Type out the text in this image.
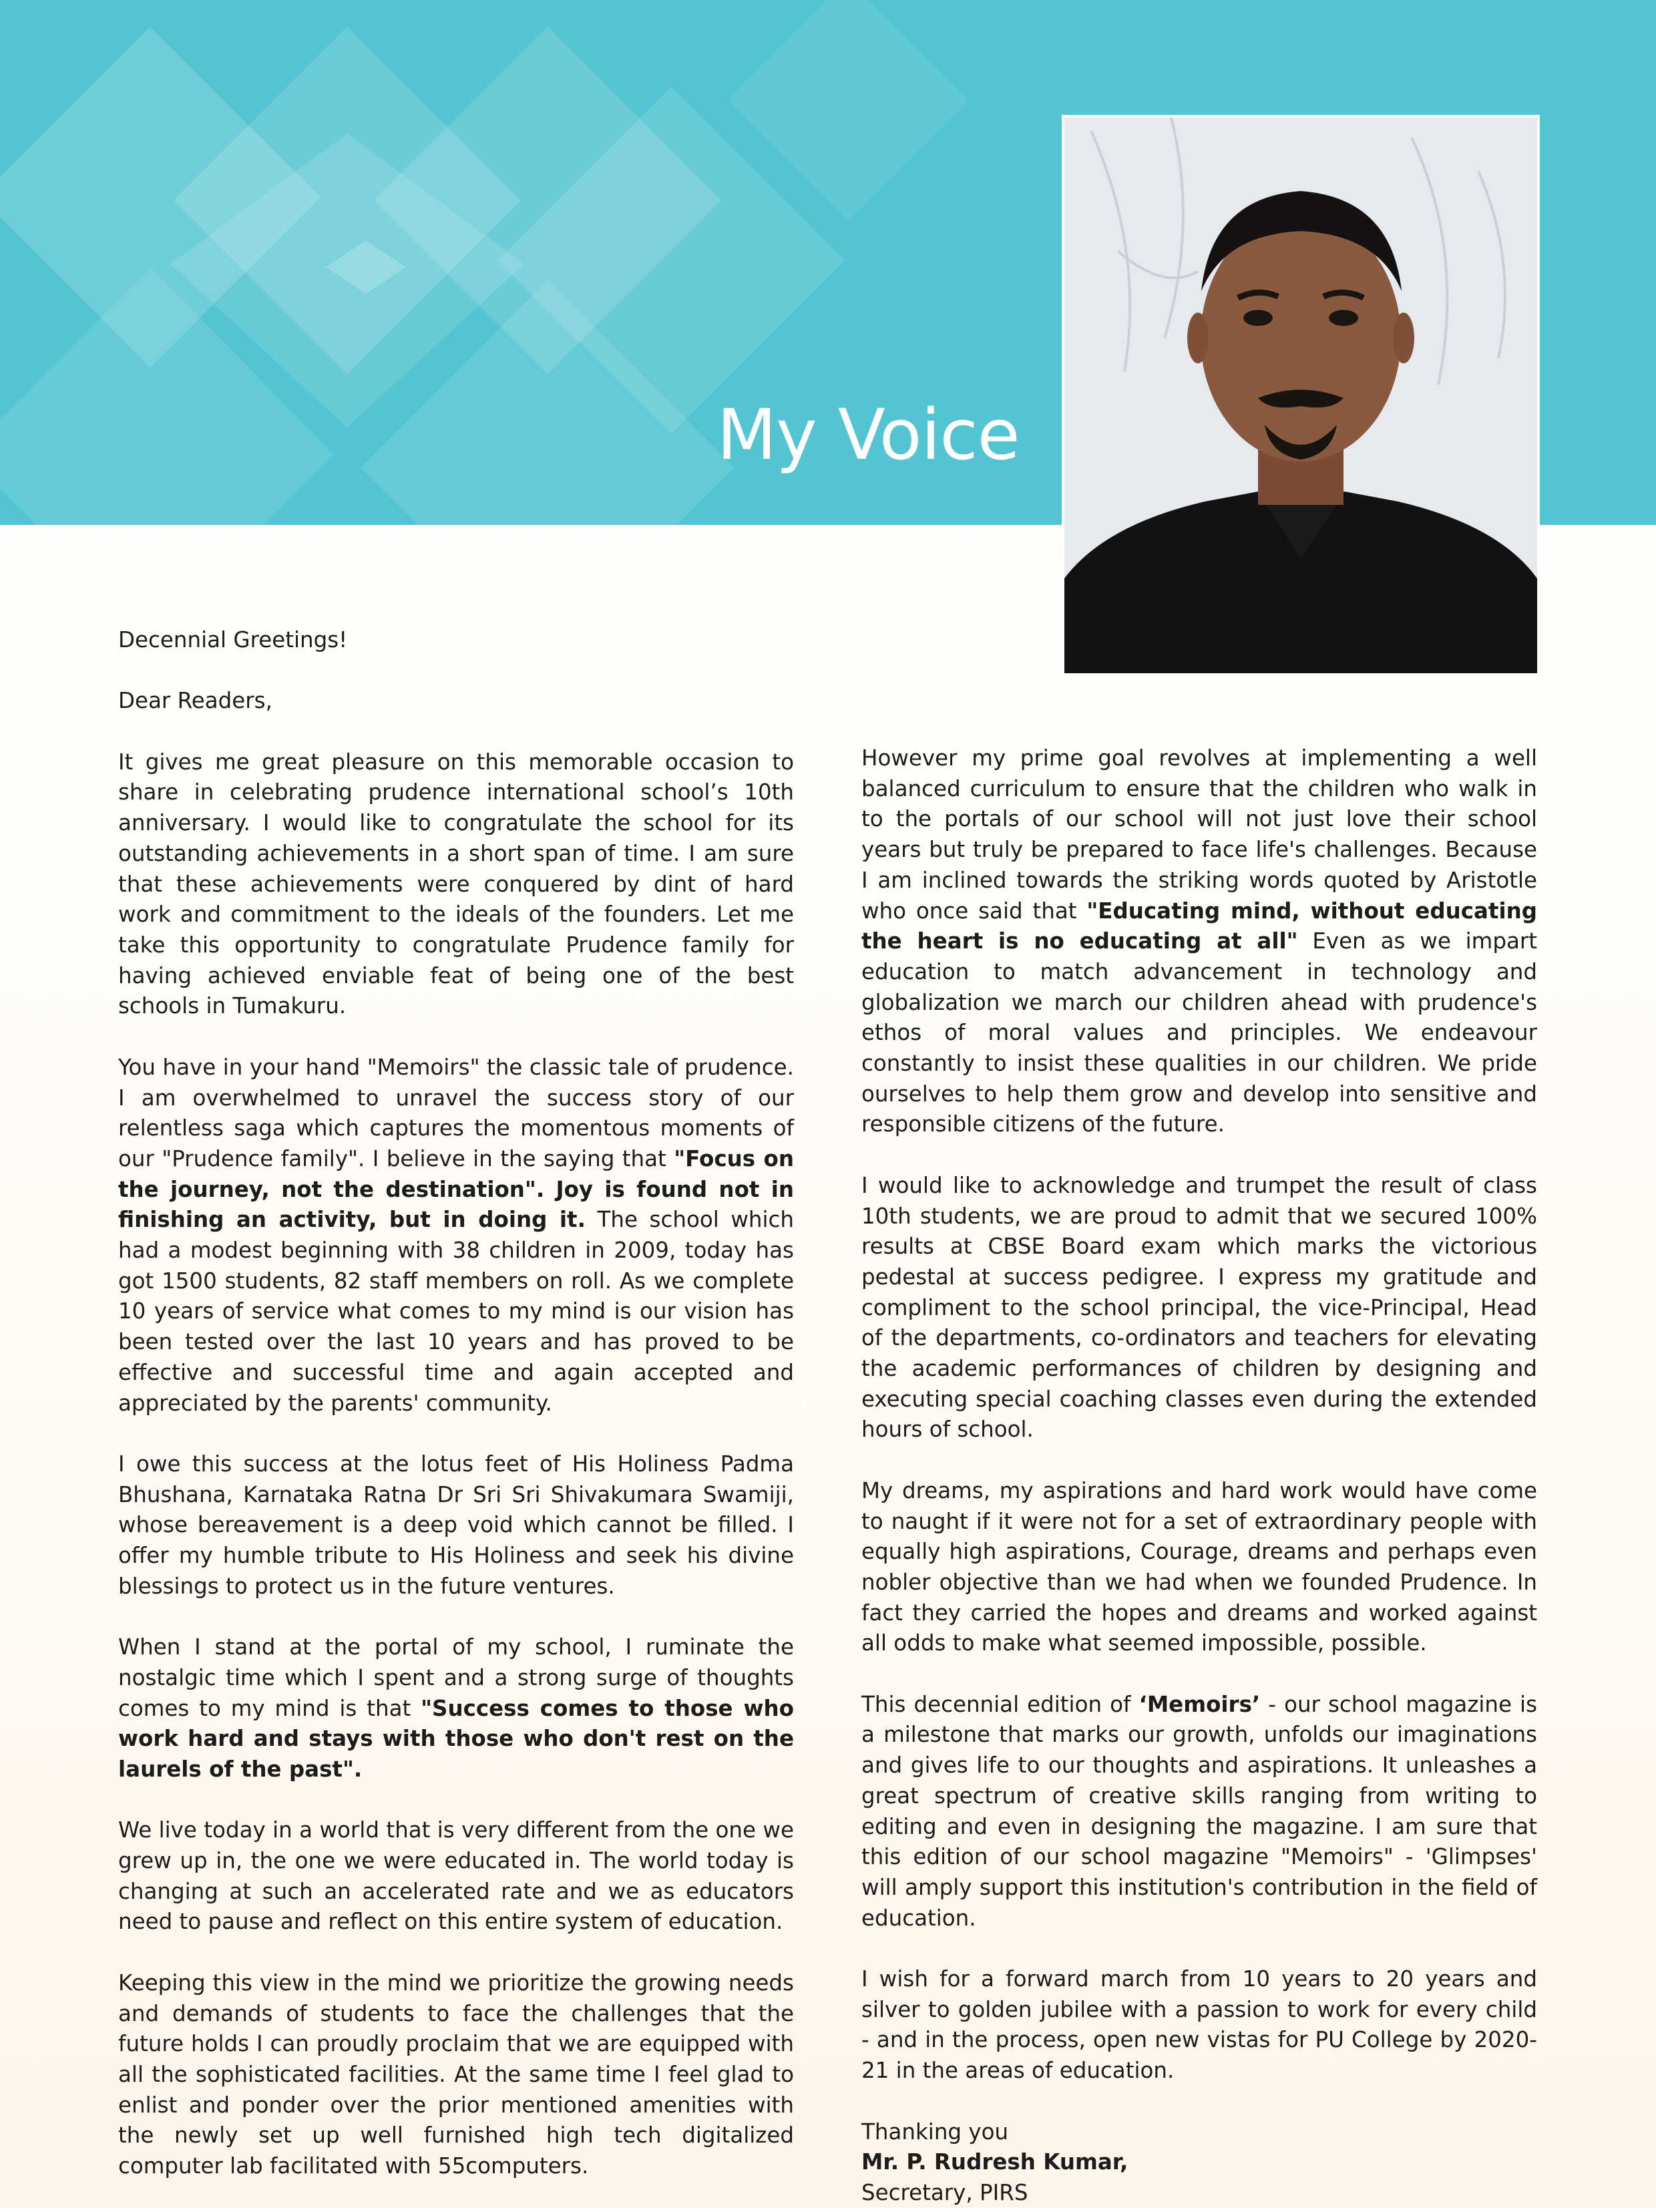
My Voice

Decennial Greetings!

Dear Readers,

It gives me great pleasure on this memorable occasion to share in celebrating prudence international school’s 10th anniversary. I would like to congratulate the school for its outstanding achievements in a short span of time. I am sure that these achievements were conquered by dint of hard work and commitment to the ideals of the founders. Let me take this opportunity to congratulate Prudence family for having achieved enviable feat of being one of the best schools in Tumakuru.

You have in your hand "Memoirs" the classic tale of prudence. I am overwhelmed to unravel the success story of our relentless saga which captures the momentous moments of our "Prudence family". I believe in the saying that "Focus on the journey, not the destination". Joy is found not in finishing an activity, but in doing it. The school which had a modest beginning with 38 children in 2009, today has got 1500 students, 82 staff members on roll. As we complete 10 years of service what comes to my mind is our vision has been tested over the last 10 years and has proved to be effective and successful time and again accepted and appreciated by the parents' community.

I owe this success at the lotus feet of His Holiness Padma Bhushana, Karnataka Ratna Dr Sri Sri Shivakumara Swamiji, whose bereavement is a deep void which cannot be filled. I offer my humble tribute to His Holiness and seek his divine blessings to protect us in the future ventures.

When I stand at the portal of my school, I ruminate the nostalgic time which I spent and a strong surge of thoughts comes to my mind is that "Success comes to those who work hard and stays with those who don't rest on the laurels of the past".

We live today in a world that is very different from the one we grew up in, the one we were educated in. The world today is changing at such an accelerated rate and we as educators need to pause and reflect on this entire system of education.

Keeping this view in the mind we prioritize the growing needs and demands of students to face the challenges that the future holds I can proudly proclaim that we are equipped with all the sophisticated facilities. At the same time I feel glad to enlist and ponder over the prior mentioned amenities with the newly set up well furnished high tech digitalized computer lab facilitated with 55computers.

However my prime goal revolves at implementing a well balanced curriculum to ensure that the children who walk in to the portals of our school will not just love their school years but truly be prepared to face life's challenges. Because I am inclined towards the striking words quoted by Aristotle who once said that "Educating mind, without educating the heart is no educating at all" Even as we impart education to match advancement in technology and globalization we march our children ahead with prudence's ethos of moral values and principles. We endeavour constantly to insist these qualities in our children. We pride ourselves to help them grow and develop into sensitive and responsible citizens of the future.

I would like to acknowledge and trumpet the result of class 10th students, we are proud to admit that we secured 100% results at CBSE Board exam which marks the victorious pedestal at success pedigree. I express my gratitude and compliment to the school principal, the vice-Principal, Head of the departments, co-ordinators and teachers for elevating the academic performances of children by designing and executing special coaching classes even during the extended hours of school.

My dreams, my aspirations and hard work would have come to naught if it were not for a set of extraordinary people with equally high aspirations, Courage, dreams and perhaps even nobler objective than we had when we founded Prudence. In fact they carried the hopes and dreams and worked against all odds to make what seemed impossible, possible.

This decennial edition of ‘Memoirs’ - our school magazine is a milestone that marks our growth, unfolds our imaginations and gives life to our thoughts and aspirations. It unleashes a great spectrum of creative skills ranging from writing to editing and even in designing the magazine. I am sure that this edition of our school magazine "Memoirs" - 'Glimpses' will amply support this institution's contribution in the field of education.

I wish for a forward march from 10 years to 20 years and silver to golden jubilee with a passion to work for every child - and in the process, open new vistas for PU College by 2020-21 in the areas of education.

Thanking you

Mr. P. Rudresh Kumar,

Secretary, PIRS
